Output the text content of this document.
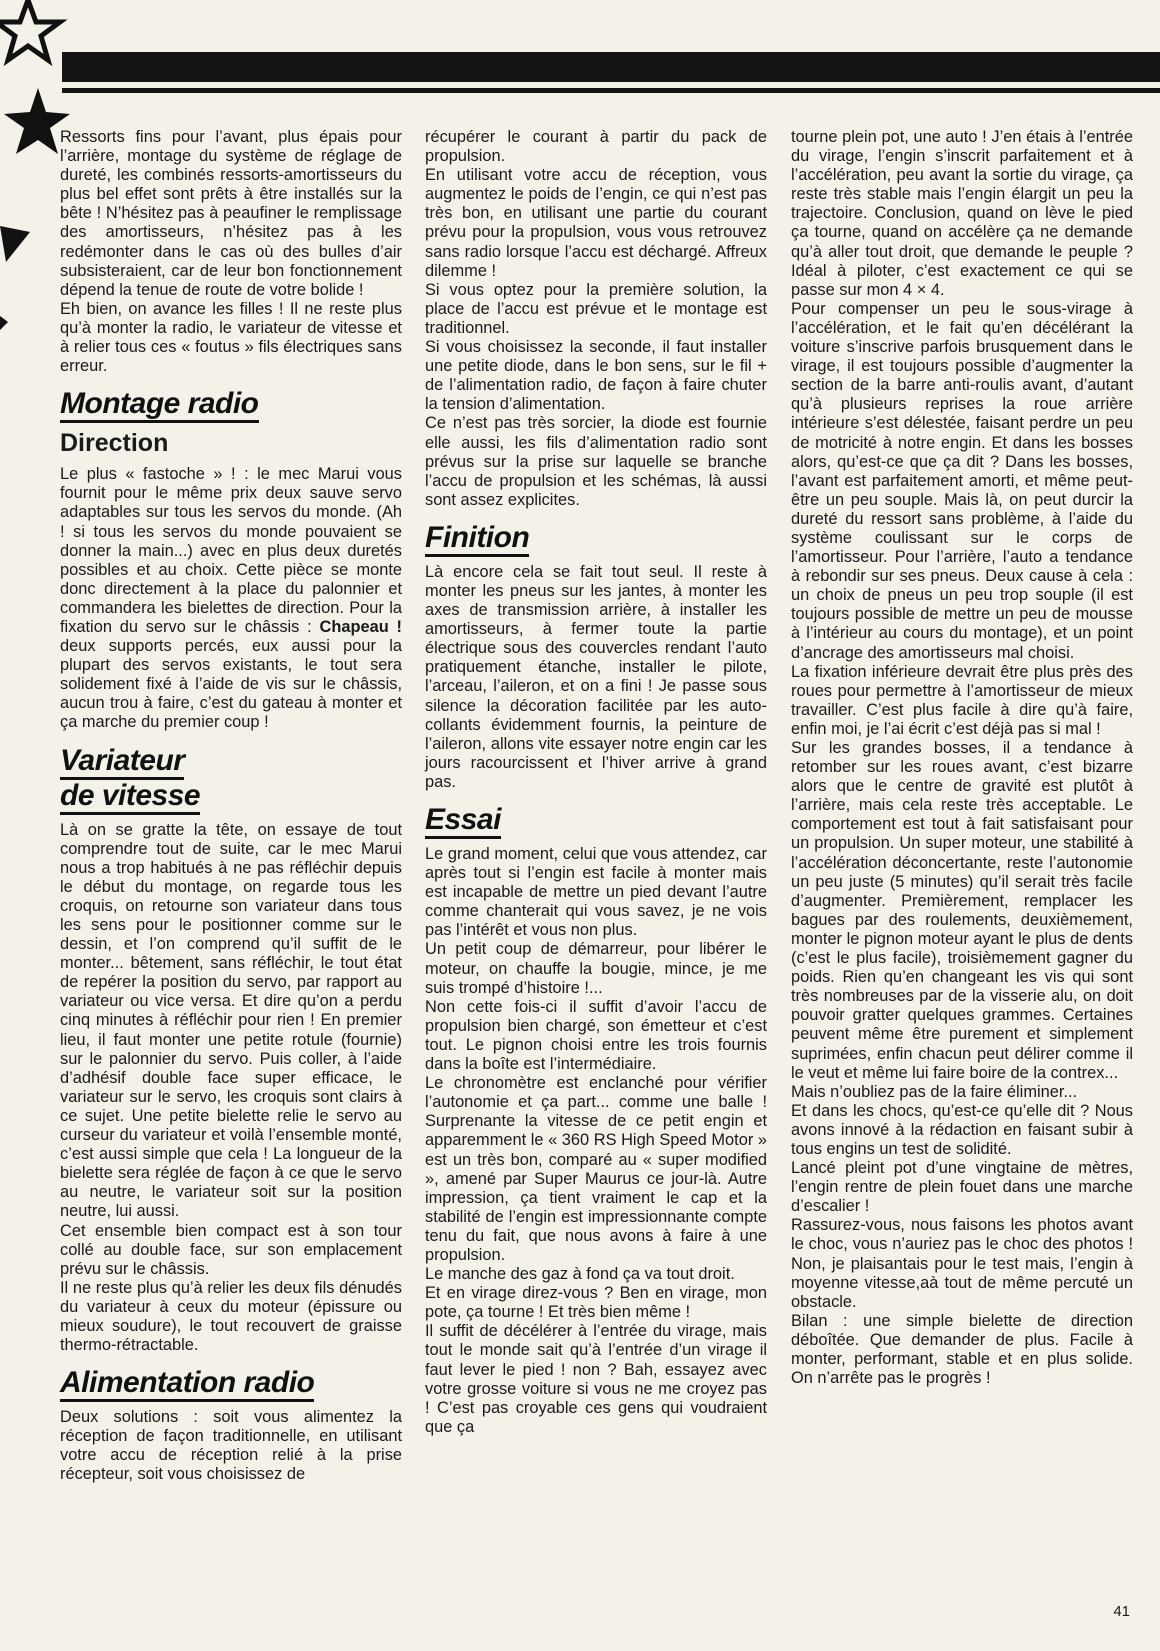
Ressorts fins pour l’avant, plus épais pour l’arrière, montage du système de réglage de dureté, les combinés ressorts-amortisseurs du plus bel effet sont prêts à être installés sur la bête ! N’hésitez pas à peaufiner le remplissage des amortisseurs, n’hésitez pas à les redémonter dans le cas où des bulles d’air subsisteraient, car de leur bon fonctionnement dépend la tenue de route de votre bolide !

Eh bien, on avance les filles ! Il ne reste plus qu’à monter la radio, le variateur de vitesse et à relier tous ces « foutus » fils électriques sans erreur.

Montage radio
Direction

Le plus « fastoche » ! : le mec Marui vous fournit pour le même prix deux sauve servo adaptables sur tous les servos du monde. (Ah ! si tous les servos du monde pouvaient se donner la main...) avec en plus deux duretés possibles et au choix. Cette pièce se monte donc directement à la place du palonnier et commandera les bielettes de direction. Pour la fixation du servo sur le châssis : Chapeau ! deux supports percés, eux aussi pour la plupart des servos existants, le tout sera solidement fixé à l’aide de vis sur le châssis, aucun trou à faire, c’est du gateau à monter et ça marche du premier coup !

Variateur
de vitesse

Là on se gratte la tête, on essaye de tout comprendre tout de suite, car le mec Marui nous a trop habitués à ne pas réfléchir depuis le début du montage, on regarde tous les croquis, on retourne son variateur dans tous les sens pour le positionner comme sur le dessin, et l’on comprend qu’il suffit de le monter... bêtement, sans réfléchir, le tout état de repérer la position du servo, par rapport au variateur ou vice versa. Et dire qu’on a perdu cinq minutes à réfléchir pour rien ! En premier lieu, il faut monter une petite rotule (fournie) sur le palonnier du servo. Puis coller, à l’aide d’adhésif double face super efficace, le variateur sur le servo, les croquis sont clairs à ce sujet. Une petite bielette relie le servo au curseur du variateur et voilà l’ensemble monté, c’est aussi simple que cela ! La longueur de la bielette sera réglée de façon à ce que le servo au neutre, le variateur soit sur la position neutre, lui aussi.

Cet ensemble bien compact est à son tour collé au double face, sur son emplacement prévu sur le châssis.

Il ne reste plus qu’à relier les deux fils dénudés du variateur à ceux du moteur (épissure ou mieux soudure), le tout recouvert de graisse thermo-rétractable.

Alimentation radio

Deux solutions : soit vous alimentez la réception de façon traditionnelle, en utilisant votre accu de réception relié à la prise récepteur, soit vous choisissez de

récupérer le courant à partir du pack de propulsion.

En utilisant votre accu de réception, vous augmentez le poids de l’engin, ce qui n’est pas très bon, en utilisant une partie du courant prévu pour la propulsion, vous vous retrouvez sans radio lorsque l’accu est déchargé. Affreux dilemme !

Si vous optez pour la première solution, la place de l’accu est prévue et le montage est traditionnel.

Si vous choisissez la seconde, il faut installer une petite diode, dans le bon sens, sur le fil + de l’alimentation radio, de façon à faire chuter la tension d’alimentation.

Ce n’est pas très sorcier, la diode est fournie elle aussi, les fils d’alimentation radio sont prévus sur la prise sur laquelle se branche l’accu de propulsion et les schémas, là aussi sont assez explicites.

Finition

Là encore cela se fait tout seul. Il reste à monter les pneus sur les jantes, à monter les axes de transmission arrière, à installer les amortisseurs, à fermer toute la partie électrique sous des couvercles rendant l’auto pratiquement étanche, installer le pilote, l’arceau, l’aileron, et on a fini ! Je passe sous silence la décoration facilitée par les auto-collants évidemment fournis, la peinture de l’aileron, allons vite essayer notre engin car les jours racourcissent et l’hiver arrive à grand pas.

Essai

Le grand moment, celui que vous attendez, car après tout si l’engin est facile à monter mais est incapable de mettre un pied devant l’autre comme chanterait qui vous savez, je ne vois pas l’intérêt et vous non plus.

Un petit coup de démarreur, pour libérer le moteur, on chauffe la bougie, mince, je me suis trompé d’histoire !...

Non cette fois-ci il suffit d’avoir l’accu de propulsion bien chargé, son émetteur et c’est tout. Le pignon choisi entre les trois fournis dans la boîte est l’intermédiaire.

Le chronomètre est enclanché pour vérifier l’autonomie et ça part... comme une balle ! Surprenante la vitesse de ce petit engin et apparemment le « 360 RS High Speed Motor » est un très bon, comparé au « super modified », amené par Super Maurus ce jour-là. Autre impression, ça tient vraiment le cap et la stabilité de l’engin est impressionnante compte tenu du fait, que nous avons à faire à une propulsion.

Le manche des gaz à fond ça va tout droit.

Et en virage direz-vous ? Ben en virage, mon pote, ça tourne ! Et très bien même !

Il suffit de décélérer à l’entrée du virage, mais tout le monde sait qu’à l’entrée d’un virage il faut lever le pied ! non ? Bah, essayez avec votre grosse voiture si vous ne me croyez pas ! C’est pas croyable ces gens qui voudraient que ça

tourne plein pot, une auto ! J’en étais à l’entrée du virage, l’engin s’inscrit parfaitement et à l’accélération, peu avant la sortie du virage, ça reste très stable mais l’engin élargit un peu la trajectoire. Conclusion, quand on lève le pied ça tourne, quand on accélère ça ne demande qu’à aller tout droit, que demande le peuple ? Idéal à piloter, c’est exactement ce qui se passe sur mon 4 × 4.

Pour compenser un peu le sous-virage à l’accélération, et le fait qu’en décélérant la voiture s’inscrive parfois brusquement dans le virage, il est toujours possible d’augmenter la section de la barre anti-roulis avant, d’autant qu’à plusieurs reprises la roue arrière intérieure s’est délestée, faisant perdre un peu de motricité à notre engin. Et dans les bosses alors, qu’est-ce que ça dit ? Dans les bosses, l’avant est parfaitement amorti, et même peut-être un peu souple. Mais là, on peut durcir la dureté du ressort sans problème, à l’aide du système coulissant sur le corps de l’amortisseur. Pour l’arrière, l’auto a tendance à rebondir sur ses pneus. Deux cause à cela : un choix de pneus un peu trop souple (il est toujours possible de mettre un peu de mousse à l’intérieur au cours du montage), et un point d’ancrage des amortisseurs mal choisi.

La fixation inférieure devrait être plus près des roues pour permettre à l’amortisseur de mieux travailler. C’est plus facile à dire qu’à faire, enfin moi, je l’ai écrit c’est déjà pas si mal !

Sur les grandes bosses, il a tendance à retomber sur les roues avant, c’est bizarre alors que le centre de gravité est plutôt à l’arrière, mais cela reste très acceptable. Le comportement est tout à fait satisfaisant pour un propulsion. Un super moteur, une stabilité à l’accélération déconcertante, reste l’autonomie un peu juste (5 minutes) qu’il serait très facile d’augmenter. Premièrement, remplacer les bagues par des roulements, deuxièmement, monter le pignon moteur ayant le plus de dents (c’est le plus facile), troisièmement gagner du poids. Rien qu’en changeant les vis qui sont très nombreuses par de la visserie alu, on doit pouvoir gratter quelques grammes. Certaines peuvent même être purement et simplement suprimées, enfin chacun peut délirer comme il le veut et même lui faire boire de la contrex...

Mais n’oubliez pas de la faire éliminer...

Et dans les chocs, qu’est-ce qu’elle dit ? Nous avons innové à la rédaction en faisant subir à tous engins un test de solidité.

Lancé pleint pot d’une vingtaine de mètres, l’engin rentre de plein fouet dans une marche d’escalier !

Rassurez-vous, nous faisons les photos avant le choc, vous n’auriez pas le choc des photos ! Non, je plaisantais pour le test mais, l’engin à moyenne vitesse,aà tout de même percuté un obstacle.

Bilan : une simple bielette de direction déboîtée. Que demander de plus. Facile à monter, performant, stable et en plus solide. On n’arrête pas le progrès !

41
